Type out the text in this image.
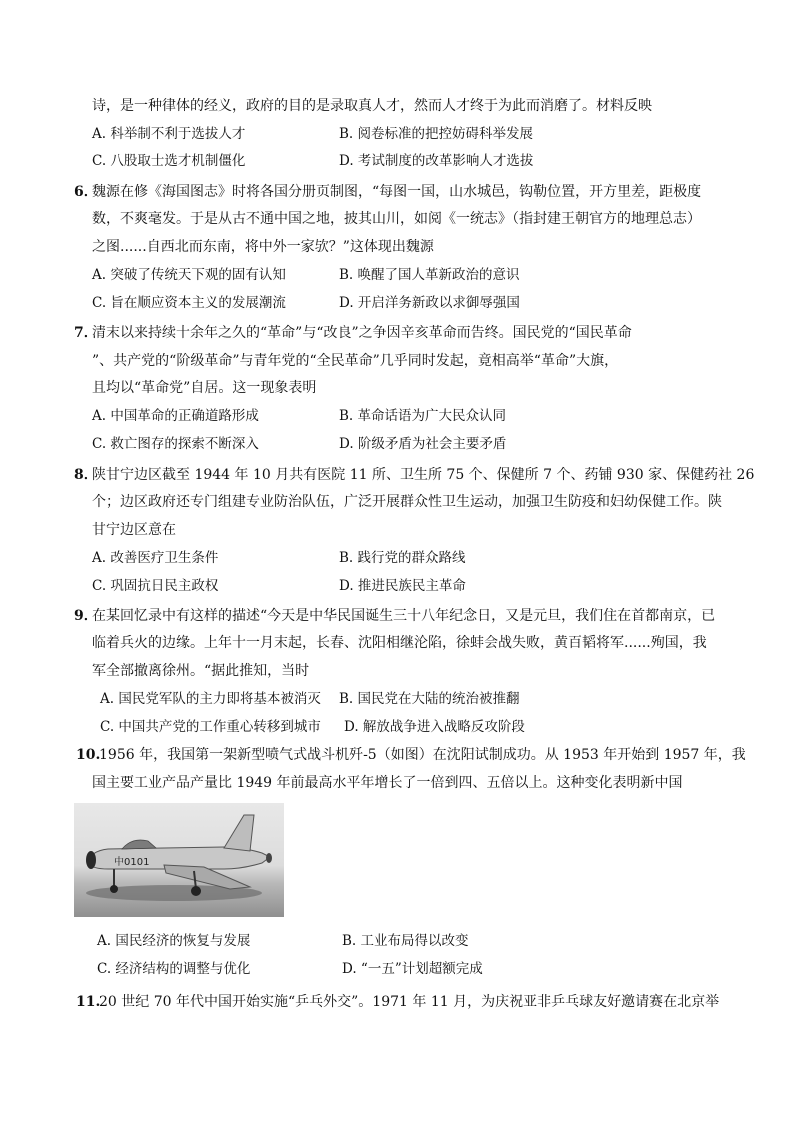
诗，是一种律体的经义，政府的目的是录取真人才，然而人才终于为此而消磨了。材料反映
A. 科举制不利于选拔人才	B. 阅卷标准的把控妨碍科举发展
C. 八股取士选才机制僵化	D. 考试制度的改革影响人才选拔
6．
魏源在修《海国图志》时将各国分册页制图，“每图一国，山水城邑，钩勒位置，开方里差，距极度
数，不爽毫发。于是从古不通中国之地，披其山川，如阅《一统志》（指封建王朝官方的地理总志）
之图......自西北而东南，将中外一家欤？”这体现出魏源
A. 突破了传统天下观的固有认知	B. 唤醒了国人革新政治的意识
C. 旨在顺应资本主义的发展潮流	D. 开启洋务新政以求御辱强国
7．
清末以来持续十余年之久的“革命”与“改良”之争因辛亥革命而告终。国民党的“国民革命
”、共产党的“阶级革命”与青年党的“全民革命”几乎同时发起，竟相高举“革命”大旗，
且均以“革命党”自居。这一现象表明
A. 中国革命的正确道路形成	B. 革命话语为广大民众认同
C. 救亡图存的探索不断深入	D. 阶级矛盾为社会主要矛盾
8．
陕甘宁边区截至 1944 年 10 月共有医院 11 所、卫生所 75 个、保健所 7 个、药铺 930 家、保健药社 26
个；边区政府还专门组建专业防治队伍，广泛开展群众性卫生运动，加强卫生防疫和妇幼保健工作。陕
甘宁边区意在
A. 改善医疗卫生条件	B. 践行党的群众路线
C. 巩固抗日民主政权	D. 推进民族民主革命
9．
在某回忆录中有这样的描述“今天是中华民国诞生三十八年纪念日，又是元旦，我们住在首都南京，已
临着兵火的边缘。上年十一月末起，长春、沈阳相继沦陷，徐蚌会战失败，黄百韬将军......殉国，我
军全部撤离徐州。“据此推知，当时
A. 国民党军队的主力即将基本被消灭 B. 国民党在大陆的统治被推翻
C. 中国共产党的工作重心转移到城市 D. 解放战争进入战略反攻阶段
10.
1956 年，我国第一架新型喷气式战斗机歼-5（如图）在沈阳试制成功。从 1953 年开始到 1957 年，我
国主要工业产品产量比 1949 年前最高水平年增长了一倍到四、五倍以上。这种变化表明新中国
中0101
A. 国民经济的恢复与发展	B. 工业布局得以改变
C. 经济结构的调整与优化	D. “一五”计划超额完成
11.
20 世纪 70 年代中国开始实施“乒乓外交”。1971 年 11 月，为庆祝亚非乒乓球友好邀请赛在北京举
